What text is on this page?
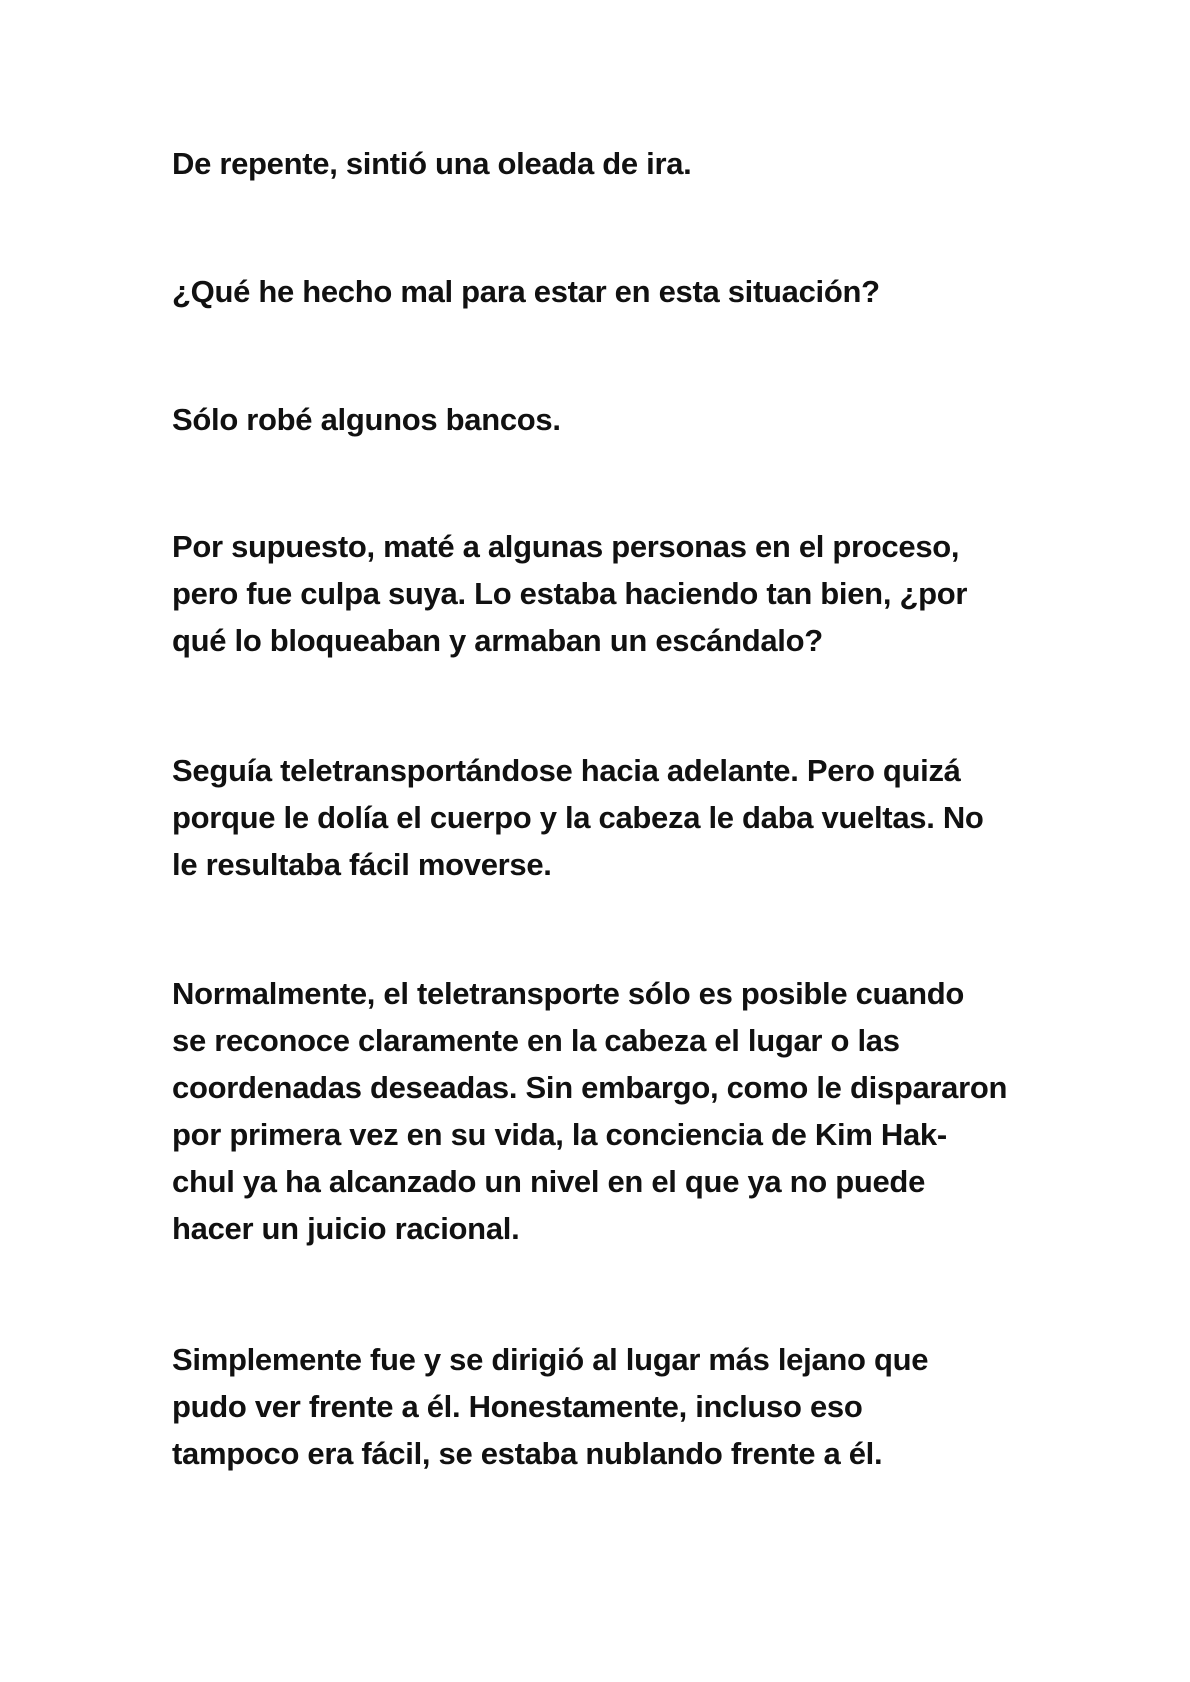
De repente, sintió una oleada de ira.

¿Qué he hecho mal para estar en esta situación?

Sólo robé algunos bancos.

Por supuesto, maté a algunas personas en el proceso,
pero fue culpa suya. Lo estaba haciendo tan bien, ¿por
qué lo bloqueaban y armaban un escándalo?

Seguía teletransportándose hacia adelante. Pero quizá
porque le dolía el cuerpo y la cabeza le daba vueltas. No
le resultaba fácil moverse.

Normalmente, el teletransporte sólo es posible cuando
se reconoce claramente en la cabeza el lugar o las
coordenadas deseadas. Sin embargo, como le dispararon
por primera vez en su vida, la conciencia de Kim Hak-
chul ya ha alcanzado un nivel en el que ya no puede
hacer un juicio racional.

Simplemente fue y se dirigió al lugar más lejano que
pudo ver frente a él. Honestamente, incluso eso
tampoco era fácil, se estaba nublando frente a él.
